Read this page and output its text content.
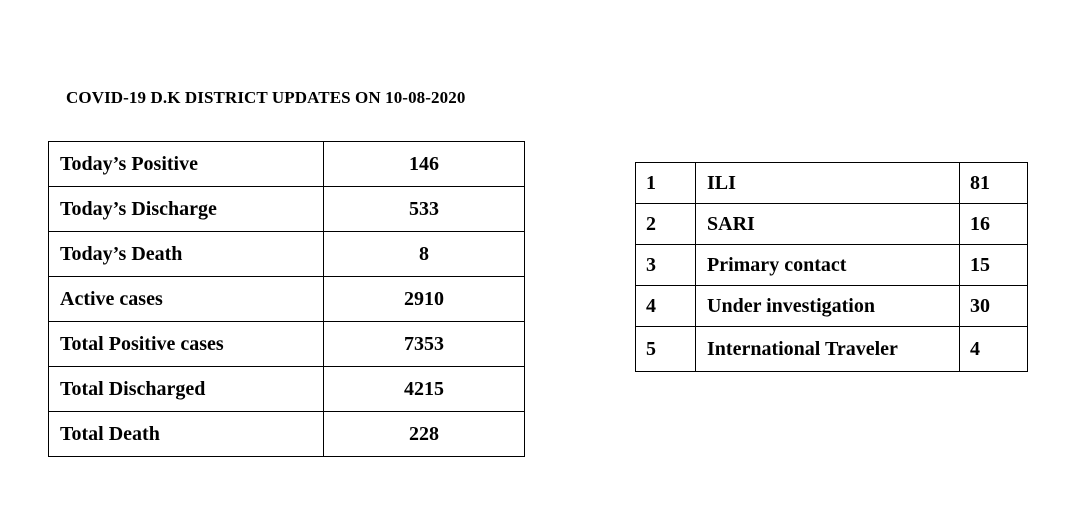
COVID-19 D.K DISTRICT UPDATES ON 10-08-2020
Today’s Positive	146
Today’s Discharge	533
Today’s Death	8
Active cases	2910
Total Positive cases	7353
Total Discharged	4215
Total Death	228
1	ILI	81
2	SARI	16
3	Primary contact	15
4	Under investigation	30
5	International Traveler	4
